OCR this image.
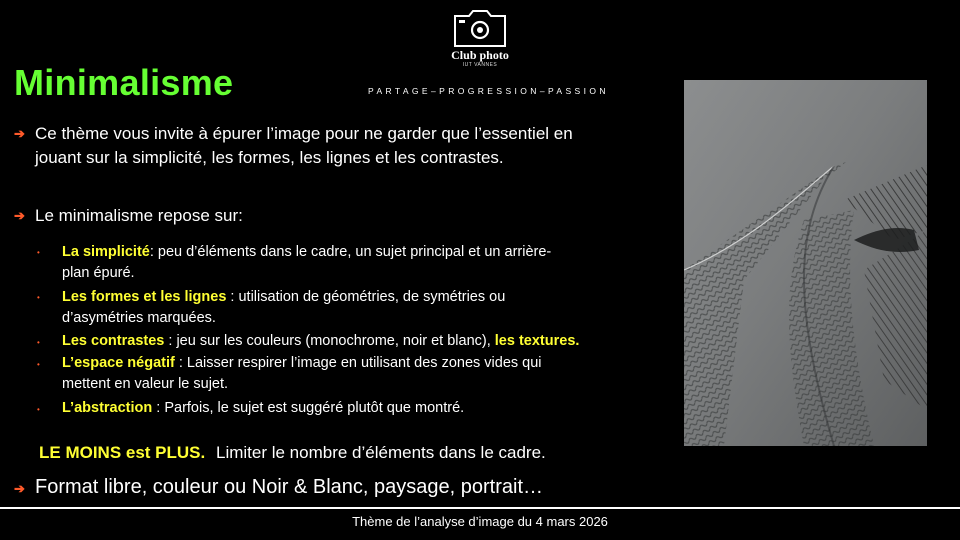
Club photo
IUT VANNES
Minimalisme	PARTAGE–PROGRESSION–PASSION
➔ Ce thème vous invite à épurer l’image pour ne garder que l’essentiel en
jouant sur la simplicité, les formes, les lignes et les contrastes.
➔ Le minimalisme repose sur:
• La simplicité: peu d’éléments dans le cadre, un sujet principal et un arrière-
plan épuré.
• Les formes et les lignes : utilisation de géométries, de symétries ou
d’asymétries marquées.
• Les contrastes : jeu sur les couleurs (monochrome, noir et blanc), les textures.
• L’espace négatif : Laisser respirer l’image en utilisant des zones vides qui
mettent en valeur le sujet.
• L’abstraction : Parfois, le sujet est suggéré plutôt que montré.
LE MOINS est PLUS. Limiter le nombre d’éléments dans le cadre.
➔ Format libre, couleur ou Noir & Blanc, paysage, portrait…
Thème de l’analyse d’image du 4 mars 2026
